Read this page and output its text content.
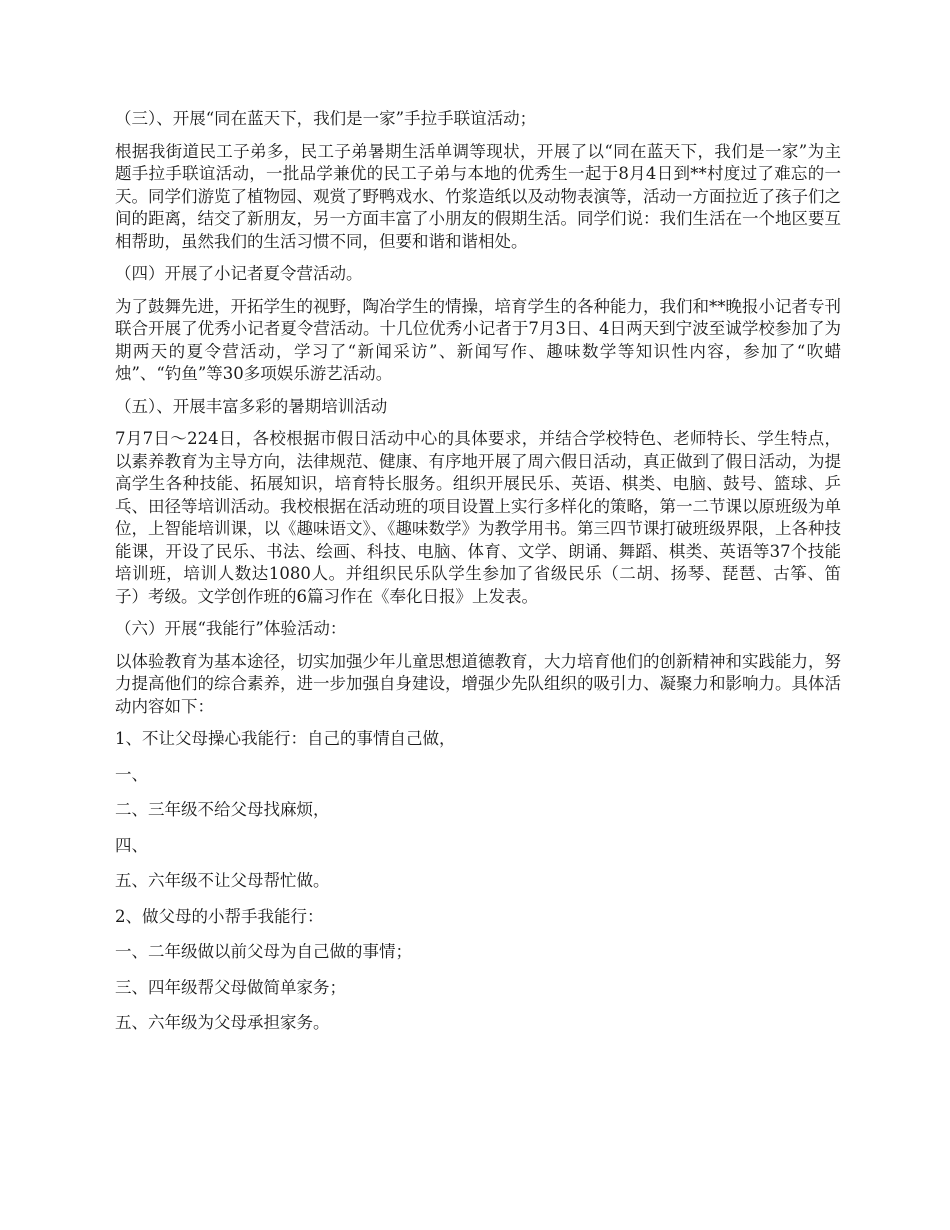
（三）、开展“同在蓝天下，我们是一家”手拉手联谊活动；

根据我街道民工子弟多，民工子弟暑期生活单调等现状，开展了以“同在蓝天下，我们是一家”为主题手拉手联谊活动，一批品学兼优的民工子弟与本地的优秀生一起于8月4日到**村度过了难忘的一天。同学们游览了植物园、观赏了野鸭戏水、竹浆造纸以及动物表演等，活动一方面拉近了孩子们之间的距离，结交了新朋友，另一方面丰富了小朋友的假期生活。同学们说：我们生活在一个地区要互相帮助，虽然我们的生活习惯不同，但要和谐和谐相处。

（四）开展了小记者夏令营活动。

为了鼓舞先进，开拓学生的视野，陶冶学生的情操，培育学生的各种能力，我们和**晚报小记者专刊联合开展了优秀小记者夏令营活动。十几位优秀小记者于7月3日、4日两天到宁波至诚学校参加了为期两天的夏令营活动，学习了“新闻采访”、新闻写作、趣味数学等知识性内容，参加了“吹蜡烛”、“钓鱼”等30多项娱乐游艺活动。

（五）、开展丰富多彩的暑期培训活动

7月7日～224日，各校根据市假日活动中心的具体要求，并结合学校特色、老师特长、学生特点，以素养教育为主导方向，法律规范、健康、有序地开展了周六假日活动，真正做到了假日活动，为提高学生各种技能、拓展知识，培育特长服务。组织开展民乐、英语、棋类、电脑、鼓号、篮球、乒乓、田径等培训活动。我校根据在活动班的项目设置上实行多样化的策略，第一二节课以原班级为单位，上智能培训课，以《趣味语文》、《趣味数学》为教学用书。第三四节课打破班级界限，上各种技能课，开设了民乐、书法、绘画、科技、电脑、体育、文学、朗诵、舞蹈、棋类、英语等37个技能培训班，培训人数达1080人。并组织民乐队学生参加了省级民乐（二胡、扬琴、琵琶、古筝、笛子）考级。文学创作班的6篇习作在《奉化日报》上发表。

（六）开展“我能行”体验活动：

以体验教育为基本途径，切实加强少年儿童思想道德教育，大力培育他们的创新精神和实践能力，努力提高他们的综合素养，进一步加强自身建设，增强少先队组织的吸引力、凝聚力和影响力。具体活动内容如下：

1、不让父母操心我能行：自己的事情自己做，

一、

二、三年级不给父母找麻烦，

四、

五、六年级不让父母帮忙做。

2、做父母的小帮手我能行：

一、二年级做以前父母为自己做的事情；

三、四年级帮父母做简单家务；

五、六年级为父母承担家务。
